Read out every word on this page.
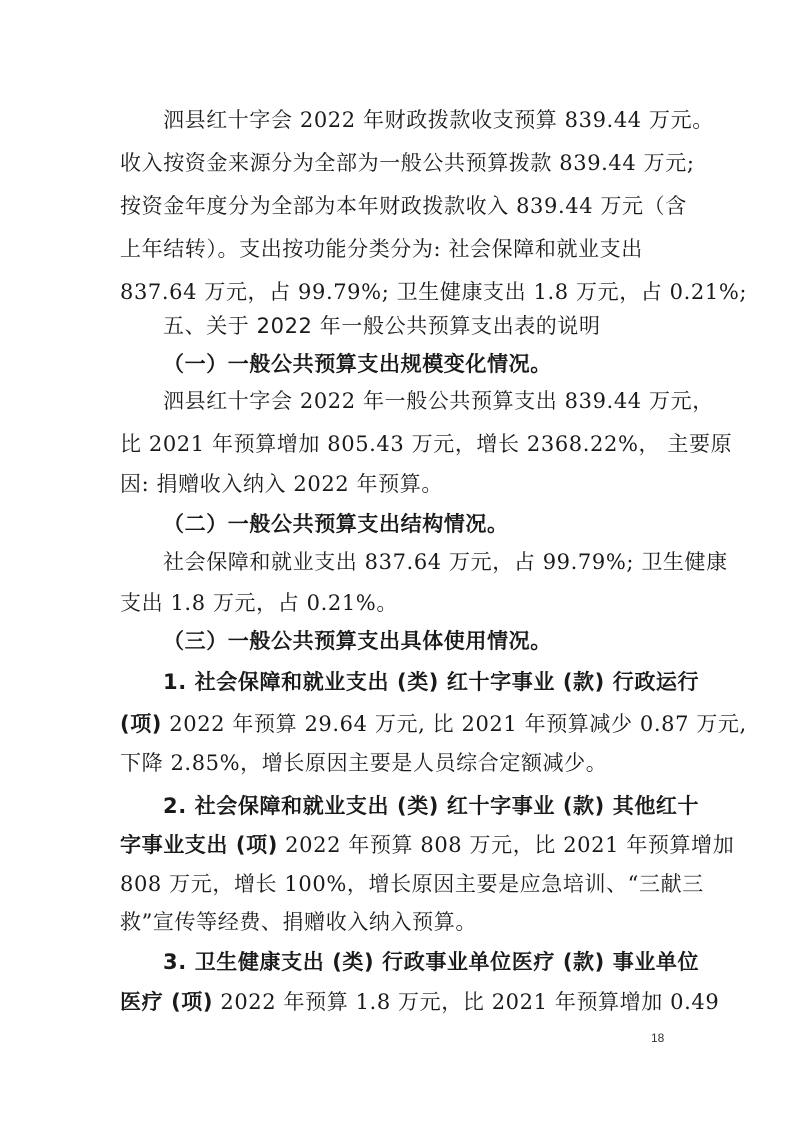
泗县红十字会 2022 年财政拨款收支预算 839.44 万元。
收入按资金来源分为全部为一般公共预算拨款 839.44 万元;
按资金年度分为全部为本年财政拨款收入 839.44 万元（含
上年结转）。支出按功能分类分为: 社会保障和就业支出
837.64 万元，占 99.79%; 卫生健康支出 1.8 万元，占 0.21%;
五、关于 2022 年一般公共预算支出表的说明
（一）一般公共预算支出规模变化情况。
泗县红十字会 2022 年一般公共预算支出 839.44 万元，
比 2021 年预算增加 805.43 万元，增长 2368.22%， 主要原
因: 捐赠收入纳入 2022 年预算。
（二）一般公共预算支出结构情况。
社会保障和就业支出 837.64 万元，占 99.79%; 卫生健康
支出 1.8 万元，占 0.21%。
（三）一般公共预算支出具体使用情况。
1. 社会保障和就业支出 (类) 红十字事业 (款) 行政运行
(项) 2022 年预算 29.64 万元, 比 2021 年预算减少 0.87 万元,
下降 2.85%，增长原因主要是人员综合定额减少。
2. 社会保障和就业支出 (类) 红十字事业 (款) 其他红十
字事业支出 (项) 2022 年预算 808 万元，比 2021 年预算增加
808 万元，增长 100%，增长原因主要是应急培训、“三献三
救”宣传等经费、捐赠收入纳入预算。
3. 卫生健康支出 (类) 行政事业单位医疗 (款) 事业单位
医疗 (项) 2022 年预算 1.8 万元，比 2021 年预算增加 0.49
18
